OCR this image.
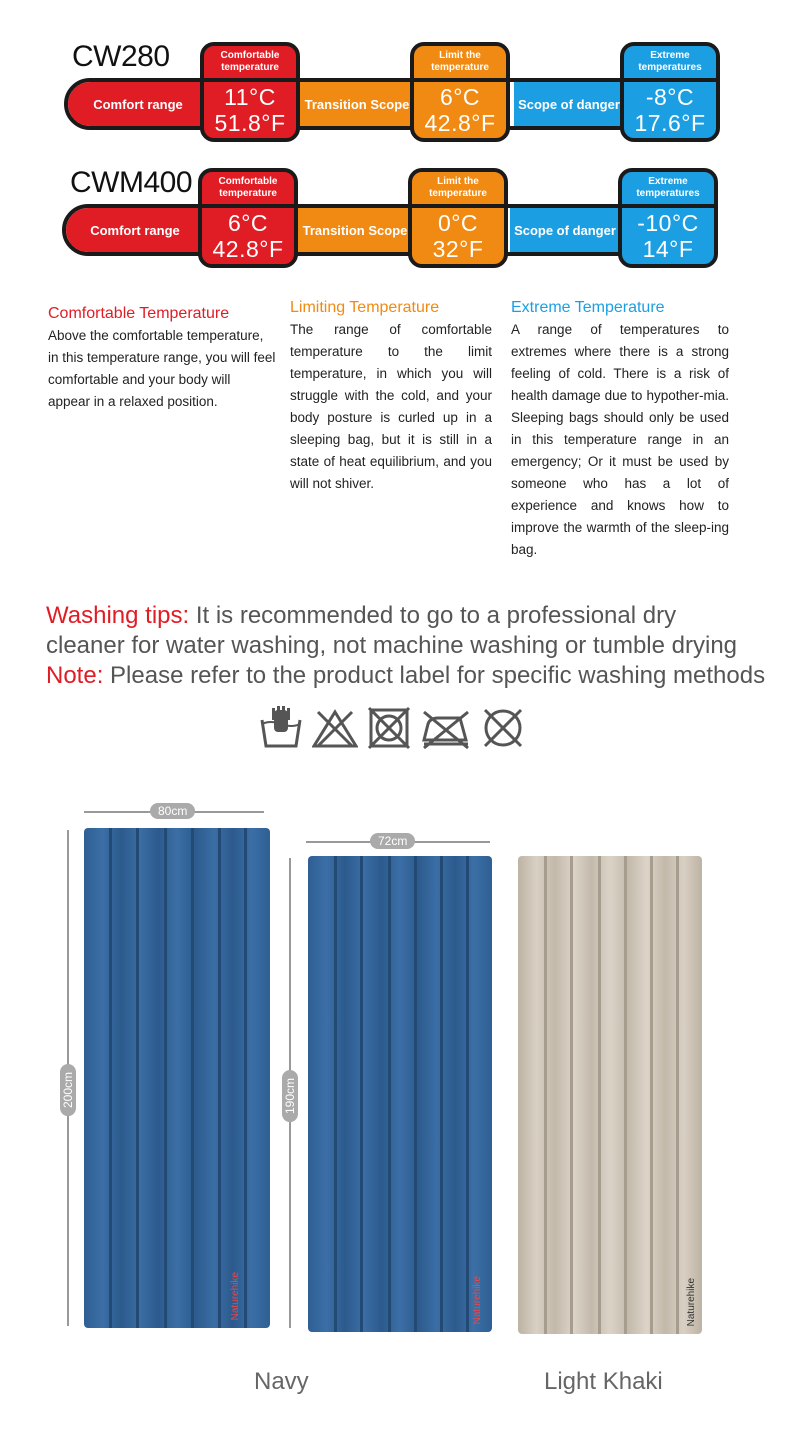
CW280
Comfort range	Transition Scope	Scope of danger
Comfortable temperature
11°C
51.8°F
Limit the temperature
6°C
42.8°F
Extreme temperatures
-8°C
17.6°F
CWM400
Comfort range	Transition Scope	Scope of danger
Comfortable temperature
6°C
42.8°F
Limit the temperature
0°C
32°F
Extreme temperatures
-10°C
14°F
Comfortable Temperature
Above the comfortable temperature, in this temperature range, you will feel comfortable and your body will appear in a relaxed position.
Limiting Temperature
The range of comfortable temperature to the limit temperature, in which you will struggle with the cold, and your body posture is curled up in a sleeping bag, but it is still in a state of heat equilibrium, and you will not shiver.
Extreme Temperature
A range of temperatures to extremes where there is a strong feeling of cold. There is a risk of health damage due to hypother-mia. Sleeping bags should only be used in this temperature range in an emergency; Or it must be used by someone who has a lot of experience and knows how to improve the warmth of the sleep-ing bag.
Washing tips: It is recommended to go to a professional dry
cleaner for water washing, not machine washing or tumble drying
Note: Please refer to the product label for specific washing methods
80cm
200cm
Naturehike
72cm
190cm
Naturehike	Naturehike
Navy	Light Khaki
